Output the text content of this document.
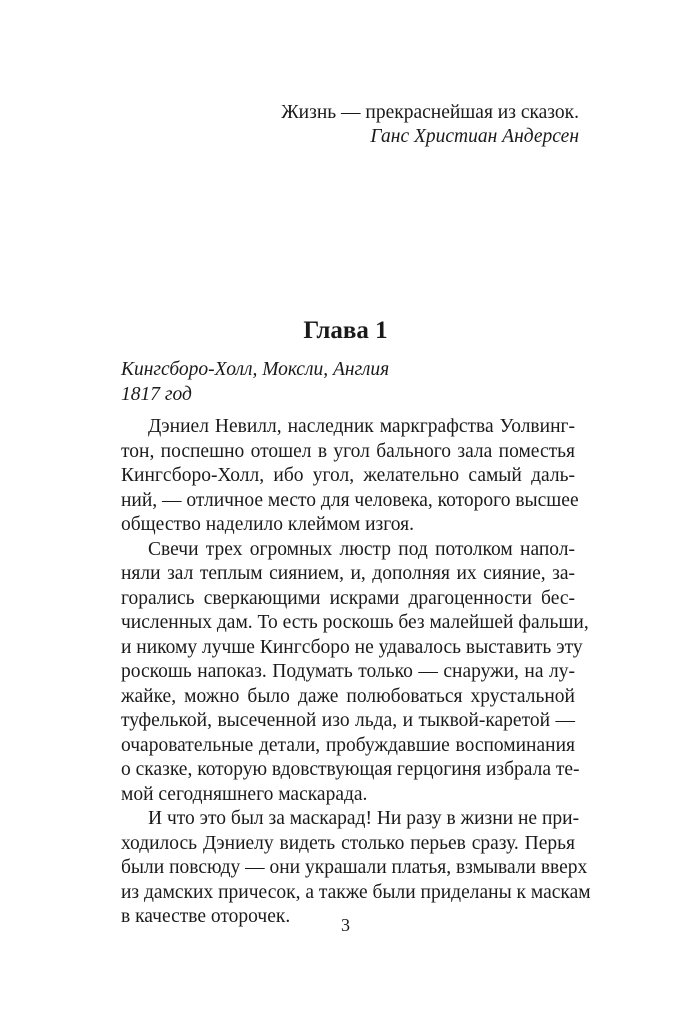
Жизнь — прекраснейшая из сказок.
Ганс Христиан Андерсен
Глава 1
Кингсборо-Холл, Моксли, Англия
1817 год
Дэниел Невилл, наследник маркграфства Уолвинг-
тон, поспешно отошел в угол бального зала поместья
Кингсборо-Холл, ибо угол, желательно самый даль-
ний, — отличное место для человека, которого высшее
общество наделило клеймом изгоя.
Свечи трех огромных люстр под потолком напол-
няли зал теплым сиянием, и, дополняя их сияние, за-
горались сверкающими искрами драгоценности бес-
численных дам. То есть роскошь без малейшей фальши,
и никому лучше Кингсборо не удавалось выставить эту
роскошь напоказ. Подумать только — снаружи, на лу-
жайке, можно было даже полюбоваться хрустальной
туфелькой, высеченной изо льда, и тыквой-каретой —
очаровательные детали, пробуждавшие воспоминания
о сказке, которую вдовствующая герцогиня избрала те-
мой сегодняшнего маскарада.
И что это был за маскарад! Ни разу в жизни не при-
ходилось Дэниелу видеть столько перьев сразу. Перья
были повсюду — они украшали платья, взмывали вверх
из дамских причесок, а также были приделаны к маскам
в качестве оторочек.	3
